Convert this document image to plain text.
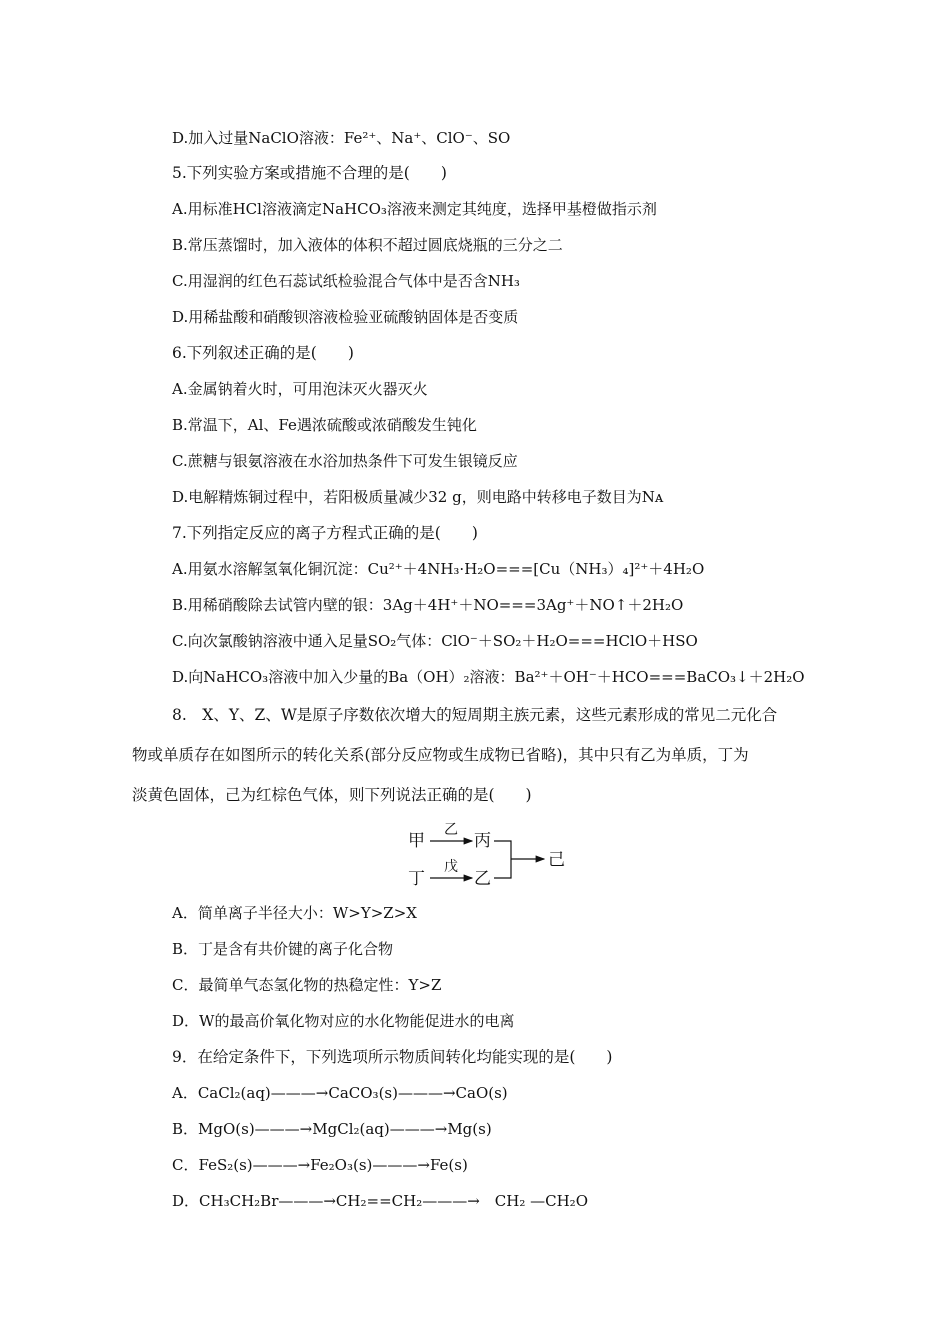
D.加入过量NaClO溶液：Fe²⁺、Na⁺、ClO⁻、SO
5.下列实验方案或措施不合理的是(　　)
A.用标准HCl溶液滴定NaHCO₃溶液来测定其纯度，选择甲基橙做指示剂
B.常压蒸馏时，加入液体的体积不超过圆底烧瓶的三分之二
C.用湿润的红色石蕊试纸检验混合气体中是否含NH₃
D.用稀盐酸和硝酸钡溶液检验亚硫酸钠固体是否变质
6.下列叙述正确的是(　　)
A.金属钠着火时，可用泡沫灭火器灭火
B.常温下，Al、Fe遇浓硫酸或浓硝酸发生钝化
C.蔗糖与银氨溶液在水浴加热条件下可发生银镜反应
D.电解精炼铜过程中，若阳极质量减少32 g，则电路中转移电子数目为Nᴀ
7.下列指定反应的离子方程式正确的是(　　)
A.用氨水溶解氢氧化铜沉淀：Cu²⁺＋4NH₃·H₂O===[Cu（NH₃）₄]²⁺＋4H₂O
B.用稀硝酸除去试管内壁的银：3Ag＋4H⁺＋NO===3Ag⁺＋NO↑＋2H₂O
C.向次氯酸钠溶液中通入足量SO₂气体：ClO⁻＋SO₂＋H₂O===HClO＋HSO
D.向NaHCO₃溶液中加入少量的Ba（OH）₂溶液：Ba²⁺＋OH⁻＋HCO===BaCO₃↓＋2H₂O
8.　X、Y、Z、W是原子序数依次增大的短周期主族元素，这些元素形成的常见二元化合
物或单质存在如图所示的转化关系(部分反应物或生成物已省略)，其中只有乙为单质，丁为
淡黄色固体，己为红棕色气体，则下列说法正确的是(　　)
甲
乙
丙
丁
戊
乙
己
A．简单离子半径大小：W>Y>Z>X
B．丁是含有共价键的离子化合物
C．最简单气态氢化物的热稳定性：Y>Z
D．W的最高价氧化物对应的水化物能促进水的电离
9．在给定条件下，下列选项所示物质间转化均能实现的是(　　)
A．CaCl₂(aq)———→CaCO₃(s)———→CaO(s)
B．MgO(s)———→MgCl₂(aq)———→Mg(s)
C．FeS₂(s)———→Fe₂O₃(s)———→Fe(s)
D．CH₃CH₂Br———→CH₂==CH₂———→　CH₂ —CH₂O
